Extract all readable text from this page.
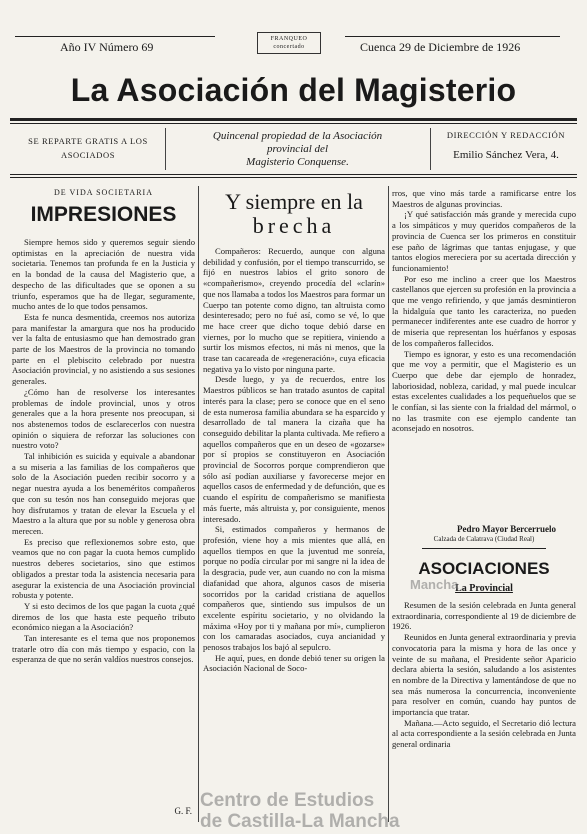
Año IV Número 69
FRANQUEO
concertado	Cuenca 29 de Diciembre de 1926
La Asociación del Magisterio
SE REPARTE GRATIS A LOS
ASOCIADOS
Quincenal propiedad de la Asociación
provincial del
Magisterio Conquense.
DIRECCIÓN Y REDACCIÓN
Emilio Sánchez Vera, 4.
DE VIDA SOCIETARIA
IMPRESIONES

Siempre hemos sido y queremos seguir siendo optimistas en la apreciación de nuestra vida societaria. Tenemos tan profunda fe en la Justicia y en la bondad de la causa del Magisterio que, a despecho de las dificultades que se oponen a su triunfo, esperamos que ha de llegar, seguramente, mucho antes de lo que todos pensamos.

Esta fe nunca desmentida, creemos nos autoriza para manifestar la amargura que nos ha producido ver la falta de entusiasmo que han demostrado gran parte de los Maestros de la provincia no tomando parte en el plebiscito celebrado por nuestra Asociación provincial, y no asistiendo a sus sesiones generales.

¿Cómo han de resolverse los interesantes problemas de índole provincial, unos y otros generales que a la hora presente nos preocupan, si nos abstenemos todos de esclarecerlos con nuestra opinión o siquiera de reforzar las soluciones con nuestro voto?

Tal inhibición es suicida y equivale a abandonar a su miseria a las familias de los compañeros que solo de la Asociación pueden recibir socorro y a negar nuestra ayuda a los beneméritos compañeros que con su tesón nos han conseguido mejoras que hoy disfrutamos y tratan de elevar la Escuela y el Maestro a la altura que por su noble y generosa obra merecen.

Es preciso que reflexionemos sobre esto, que veamos que no con pagar la cuota hemos cumplido nuestros deberes societarios, sino que estimos obligados a prestar toda la asistencia necesaria para asegurar la existencia de una Asociación provincial robusta y potente.

Y si esto decimos de los que pagan la cuota ¿qué diremos de los que hasta este pequeño tributo económico niegan a la Asociación?

Tan interesante es el tema que nos proponemos tratarle otro día con más tiempo y espacio, con la esperanza de que no serán valdíos nuestros consejos.

G. F.
Y siempre en la
brecha

Compañeros: Recuerdo, aunque con alguna debilidad y confusión, por el tiempo transcurrido, se fijó en nuestros labios el grito sonoro de «compañerismo», creyendo procedía del «clarín» que nos llamaba a todos los Maestros para formar un Cuerpo tan potente como digno, tan altruista como desinteresado; pero no fué así, como se vé, lo que me hace creer que dicho toque debió darse en viernes, por lo mucho que se repitiera, viniendo a surtir los mismos efectos, ni más ni menos, que la trase tan cacareada de «regeneración», cuya eficacia negativa ya lo visto por ninguna parte.

Desde luego, y ya de recuerdos, entre los Maestros públicos se han tratado asuntos de capital interés para la clase; pero se conoce que en el seno de esta numerosa familia abundara se ha esparcido y desarrollado de tal manera la cizaña que ha conseguido debilitar la planta cultivada. Me refiero a aquellos compañeros que en un deseo de «gozarse» por sí propios se constituyeron en Asociación provincial de Socorros porque comprendieron que sólo así podían auxiliarse y favorecerse mejor en aquellos casos de enfermedad y de defunción, que es cuando el espíritu de compañerismo se manifiesta más fuerte, más altruista y, por consiguiente, menos interesado.

Si, estimados compañeros y hermanos de profesión, viene hoy a mis mientes que allá, en aquellos tiempos en que la juventud me sonreía, porque no podía circular por mi sangre ni la idea de la desgracia, pude ver, aun cuando no con la misma diafanidad que ahora, algunos casos de miseria socorridos por la caridad cristiana de aquellos compañeros que, sintiendo sus impulsos de un excelente espíritu societario, y no olvidando la máxima «Hoy por ti y mañana por mí», cumplieron con los camaradas asociados, cuya ancianidad y penosos trabajos los bajó al sepulcro.

He aquí, pues, en donde debió tener su origen la Asociación Nacional de Soco-

rros, que vino más tarde a ramificarse entre los Maestros de algunas provincias.

¡Y qué satisfacción más grande y merecida cupo a los simpáticos y muy queridos compañeros de la provincia de Cuenca ser los primeros en constituir ese paño de lágrimas que tantas enjugase, y que tantos elogios mereciera por su acertada dirección y funcionamiento!

Por eso me inclino a creer que los Maestros castellanos que ejercen su profesión en la provincia a que me vengo refiriendo, y que jamás desmintieron la hidalguía que tanto les caracteriza, no pueden permanecer indiferentes ante ese cuadro de horror y de miseria que representan los huérfanos y esposas de los compañeros fallecidos.

Tiempo es ignorar, y esto es una recomendación que me voy a permitir, que el Magisterio es un Cuerpo que debe dar ejemplo de honradez, laboriosidad, nobleza, caridad, y mal puede inculcar estas excelentes cualidades a los pequeñuelos que se le confían, si las siente con la frialdad del mármol, o no las trasmite con ese ejemplo candente tan aconsejado en nosotros.

Pedro Mayor Bercerruelo
Calzada de Calatrava (Ciudad Real)
ASOCIACIONES
La Provincial

Resumen de la sesión celebrada en Junta general extraordinaria, correspondiente al 19 de diciembre de 1926.

Reunidos en Junta general extraordinaria y previa convocatoria para la misma y hora de las once y veinte de su mañana, el Presidente señor Aparicio declara abierta la sesión, saludando a los asistentes en nombre de la Directiva y lamentándose de que no sea más numerosa la concurrencia, inconveniente para resolver en común, cuando hay puntos de importancia que tratar.

Mañana.—Acto seguido, el Secretario dió lectura al acta correspondiente a la sesión celebrada en Junta general ordinaria

Mancha
Centro de Estudios
de Castilla-La Mancha
